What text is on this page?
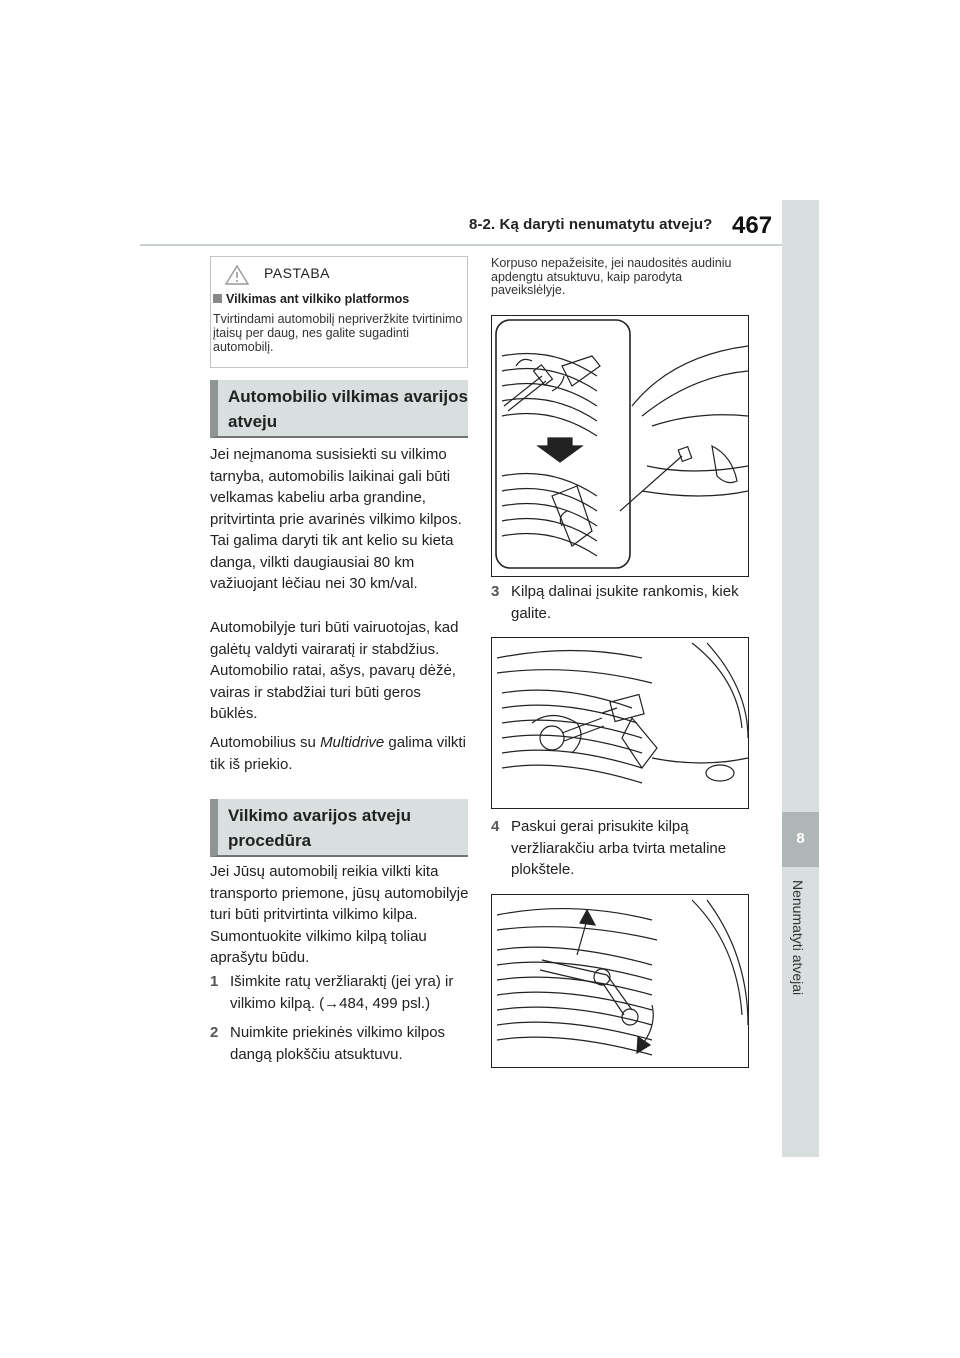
8-2. Ką daryti nenumatytu atveju? 467
8
Nenumatyti atvejai
PASTABA
Vilkimas ant vilkiko platformos
Tvirtindami automobilį nepriveržkite tvirtinimo įtaisų per daug, nes galite sugadinti automobilį.
Automobilio vilkimas avarijos atveju
Jei neįmanoma susisiekti su vilkimo tarnyba, automobilis laikinai gali būti velkamas kabeliu arba grandine, pritvirtinta prie avarinės vilkimo kilpos. Tai galima daryti tik ant kelio su kieta danga, vilkti daugiausiai 80 km važiuojant lėčiau nei 30 km/val.
Automobilyje turi būti vairuotojas, kad galėtų valdyti vairaratį ir stabdžius. Automobilio ratai, ašys, pavarų dėžė, vairas ir stabdžiai turi būti geros būklės.
Automobilius su Multidrive galima vilkti tik iš priekio.
Vilkimo avarijos atveju procedūra
Jei Jūsų automobilį reikia vilkti kita transporto priemone, jūsų automobilyje turi būti pritvirtinta vilkimo kilpa. Sumontuokite vilkimo kilpą toliau aprašytu būdu.
1 Išimkite ratų veržliaraktį (jei yra) ir vilkimo kilpą. (→484, 499 psl.)
2 Nuimkite priekinės vilkimo kilpos dangą plokščiu atsuktuvu.
Korpuso nepažeisite, jei naudositės audiniu apdengtu atsuktuvu, kaip parodyta paveikslėlyje.
3 Kilpą dalinai įsukite rankomis, kiek galite.
4 Paskui gerai prisukite kilpą veržliarakčiu arba tvirta metaline plokštele.
